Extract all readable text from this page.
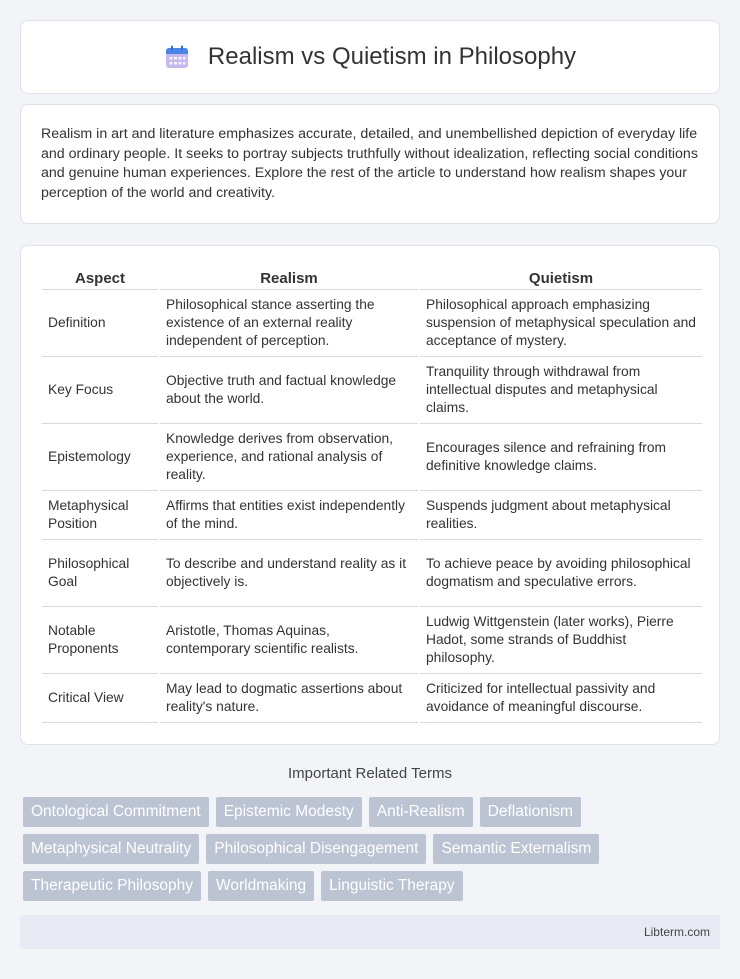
Realism vs Quietism in Philosophy

Realism in art and literature emphasizes accurate, detailed, and unembellished depiction of everyday life and ordinary people. It seeks to portray subjects truthfully without idealization, reflecting social conditions and genuine human experiences. Explore the rest of the article to understand how realism shapes your perception of the world and creativity.

Aspect	Realism	Quietism
Definition	Philosophical stance asserting the existence of an external reality independent of perception.	Philosophical approach emphasizing suspension of metaphysical speculation and acceptance of mystery.
Key Focus	Objective truth and factual knowledge about the world.	Tranquility through withdrawal from intellectual disputes and metaphysical claims.
Epistemology	Knowledge derives from observation, experience, and rational analysis of reality.	Encourages silence and refraining from definitive knowledge claims.
Metaphysical Position	Affirms that entities exist independently of the mind.	Suspends judgment about metaphysical realities.
Philosophical Goal	To describe and understand reality as it objectively is.	To achieve peace by avoiding philosophical dogmatism and speculative errors.
Notable Proponents	Aristotle, Thomas Aquinas, contemporary scientific realists.	Ludwig Wittgenstein (later works), Pierre Hadot, some strands of Buddhist philosophy.
Critical View	May lead to dogmatic assertions about reality's nature.	Criticized for intellectual passivity and avoidance of meaningful discourse.
Important Related Terms
Ontological Commitment	Epistemic Modesty	Anti-Realism	Deflationism
Metaphysical Neutrality	Philosophical Disengagement	Semantic Externalism
Therapeutic Philosophy	Worldmaking	Linguistic Therapy
Libterm.com
